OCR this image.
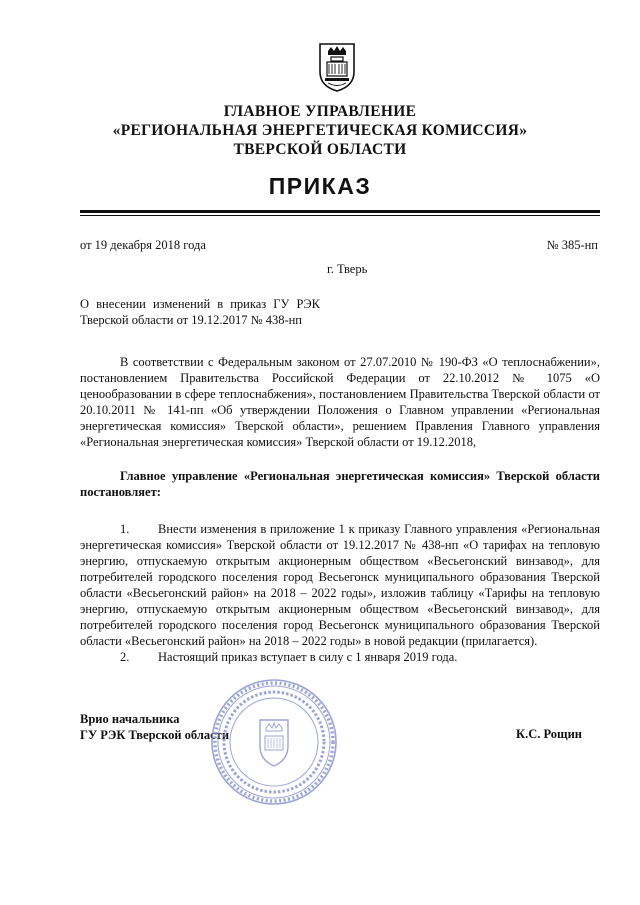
ГЛАВНОЕ УПРАВЛЕНИЕ
«РЕГИОНАЛЬНАЯ ЭНЕРГЕТИЧЕСКАЯ КОМИССИЯ»
ТВЕРСКОЙ ОБЛАСТИ
ПРИКАЗ
от 19 декабря 2018 года	№ 385-нп
г. Тверь
О внесении изменений в приказ ГУ РЭК Тверской области от 19.12.2017 № 438-нп

В соответствии с Федеральным законом от 27.07.2010 № 190-ФЗ «О теплоснабжении», постановлением Правительства Российской Федерации от 22.10.2012 № 1075 «О ценообразовании в сфере теплоснабжения», постановлением Правительства Тверской области от 20.10.2011 № 141-пп «Об утверждении Положения о Главном управлении «Региональная энергетическая комиссия» Тверской области», решением Правления Главного управления «Региональная энергетическая комиссия» Тверской области от 19.12.2018,

Главное управление «Региональная энергетическая комиссия» Тверской области постановляет:

1. Внести изменения в приложение 1 к приказу Главного управления «Региональная энергетическая комиссия» Тверской области от 19.12.2017 № 438-нп «О тарифах на тепловую энергию, отпускаемую открытым акционерным обществом «Весьегонский винзавод», для потребителей городского поселения город Весьегонск муниципального образования Тверской области «Весьегонский район» на 2018 – 2022 годы», изложив таблицу «Тарифы на тепловую энергию, отпускаемую открытым акционерным обществом «Весьегонский винзавод», для потребителей городского поселения город Весьегонск муниципального образования Тверской области «Весьегонский район» на 2018 – 2022 годы» в новой редакции (прилагается).

2. Настоящий приказ вступает в силу с 1 января 2019 года.

Врио начальника
ГУ РЭК Тверской области	К.С. Рощин
